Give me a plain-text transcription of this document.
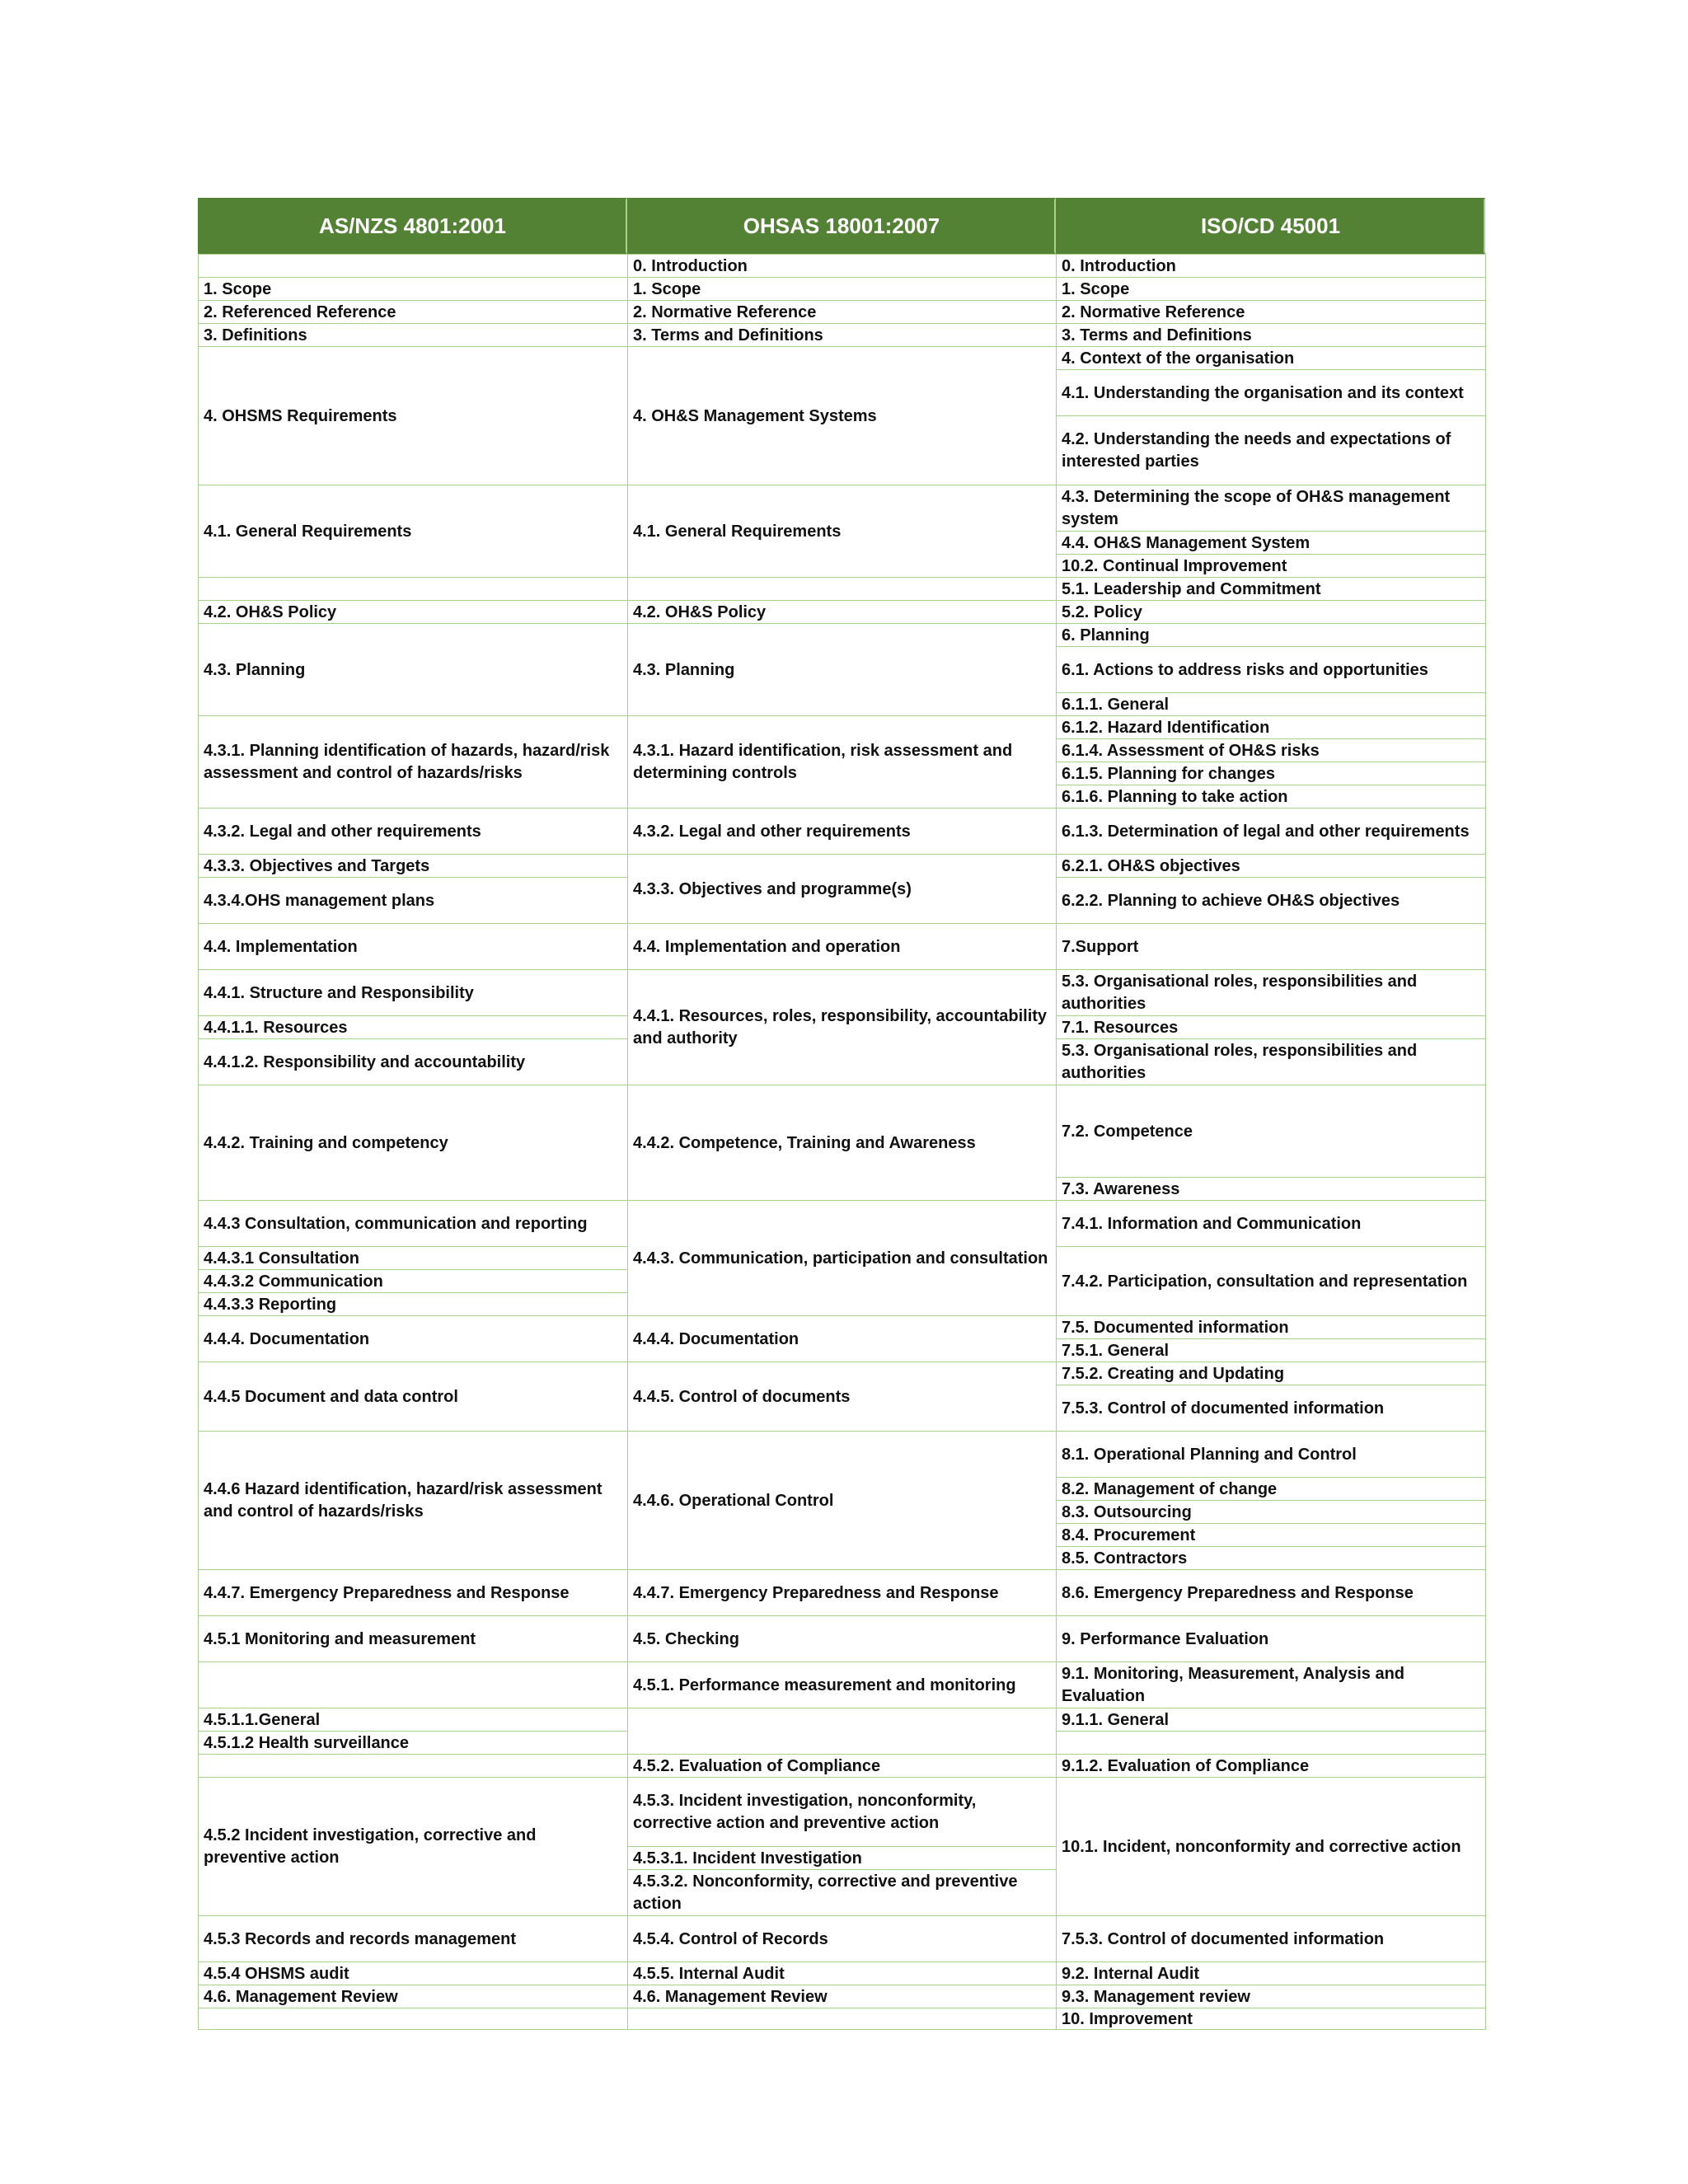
AS/NZS 4801:2001	OHSAS 18001:2007	ISO/CD 45001
1. Scope
2. Referenced Reference
3. Definitions
4. OHSMS Requirements
4.1. General Requirements
4.2. OH&S Policy
4.3. Planning
4.3.1. Planning identification of hazards, hazard/risk assessment and control of hazards/risks
4.3.2. Legal and other requirements
4.3.3. Objectives and Targets
4.3.4.OHS management plans
4.4. Implementation
4.4.1. Structure and Responsibility
4.4.1.1. Resources
4.4.1.2. Responsibility and accountability
4.4.2. Training and competency
4.4.3 Consultation, communication and reporting
4.4.3.1 Consultation
4.4.3.2 Communication
4.4.3.3 Reporting
4.4.4. Documentation
4.4.5 Document and data control
4.4.6 Hazard identification, hazard/risk assessment and control of hazards/risks
4.4.7. Emergency Preparedness and Response
4.5.1 Monitoring and measurement
4.5.1.1.General
4.5.1.2 Health surveillance
4.5.2 Incident investigation, corrective and preventive action
4.5.3 Records and records management
4.5.4 OHSMS audit
4.6. Management Review
0. Introduction
1. Scope
2. Normative Reference
3. Terms and Definitions
4. OH&S Management Systems
4.1. General Requirements
4.2. OH&S Policy
4.3. Planning
4.3.1. Hazard identification, risk assessment and determining controls
4.3.2. Legal and other requirements
4.3.3. Objectives and programme(s)
4.4. Implementation and operation
4.4.1. Resources, roles, responsibility, accountability and authority
4.4.2. Competence, Training and Awareness
4.4.3. Communication, participation and consultation
4.4.4. Documentation
4.4.5. Control of documents
4.4.6. Operational Control
4.4.7. Emergency Preparedness and Response
4.5. Checking
4.5.1. Performance measurement and monitoring
4.5.2. Evaluation of Compliance
4.5.3. Incident investigation, nonconformity, corrective action and preventive action
4.5.3.1. Incident Investigation
4.5.3.2. Nonconformity, corrective and preventive action
4.5.4. Control of Records
4.5.5. Internal Audit
4.6. Management Review
0. Introduction
1. Scope
2. Normative Reference
3. Terms and Definitions
4. Context of the organisation
4.1. Understanding the organisation and its context
4.2. Understanding the needs and expectations of interested parties
4.3. Determining the scope of OH&S management system
4.4. OH&S Management System
10.2. Continual Improvement
5.1. Leadership and Commitment
5.2. Policy
6. Planning
6.1. Actions to address risks and opportunities
6.1.1. General
6.1.2. Hazard Identification
6.1.4. Assessment of OH&S risks
6.1.5. Planning for changes
6.1.6. Planning to take action
6.1.3. Determination of legal and other requirements
6.2.1. OH&S objectives
6.2.2. Planning to achieve OH&S objectives
7.Support
5.3. Organisational roles, responsibilities and authorities
7.1. Resources
5.3. Organisational roles, responsibilities and authorities
7.2. Competence
7.3. Awareness
7.4.1. Information and Communication
7.4.2. Participation, consultation and representation
7.5. Documented information
7.5.1. General
7.5.2. Creating and Updating
7.5.3. Control of documented information
8.1. Operational Planning and Control
8.2. Management of change
8.3. Outsourcing
8.4. Procurement
8.5. Contractors
8.6. Emergency Preparedness and Response
9. Performance Evaluation
9.1. Monitoring, Measurement, Analysis and Evaluation
9.1.1. General
9.1.2. Evaluation of Compliance
10.1. Incident, nonconformity and corrective action
7.5.3. Control of documented information
9.2. Internal Audit
9.3. Management review
10. Improvement
